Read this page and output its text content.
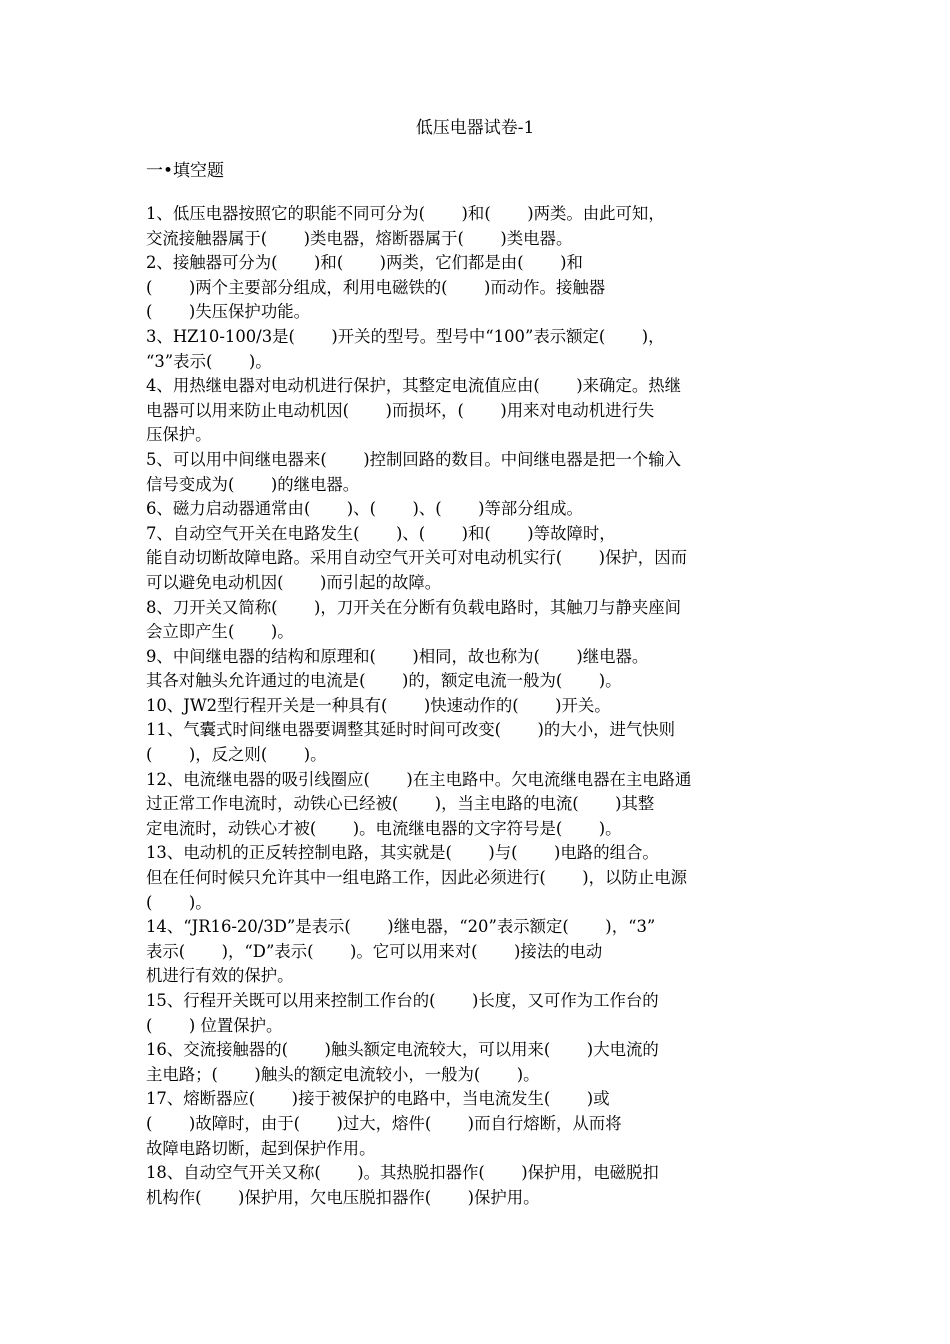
低压电器试卷-1
一•填空题
1、低压电器按照它的职能不同可分为(       )和(       )两类。由此可知，
交流接触器属于(       )类电器，熔断器属于(       )类电器。
2、接触器可分为(       )和(       )两类，它们都是由(       )和
(       )两个主要部分组成，利用电磁铁的(       )而动作。接触器
(       )失压保护功能。
3、HZ10-100/3是(       )开关的型号。型号中“100”表示额定(       )，
“3”表示(       )。
4、用热继电器对电动机进行保护，其整定电流值应由(       )来确定。热继
电器可以用来防止电动机因(       )而损坏，(       )用来对电动机进行失
压保护。
5、可以用中间继电器来(       )控制回路的数目。中间继电器是把一个输入
信号变成为(       )的继电器。
6、磁力启动器通常由(       )、(       )、(       )等部分组成。
7、自动空气开关在电路发生(       )、(       )和(       )等故障时，
能自动切断故障电路。采用自动空气开关可对电动机实行(       )保护，因而
可以避免电动机因(       )而引起的故障。
8、刀开关又简称(       )，刀开关在分断有负载电路时，其触刀与静夹座间
会立即产生(       )。
9、中间继电器的结构和原理和(       )相同，故也称为(       )继电器。
其各对触头允许通过的电流是(       )的，额定电流一般为(       )。
10、JW2型行程开关是一种具有(       )快速动作的(       )开关。
11、气囊式时间继电器要调整其延时时间可改变(       )的大小，进气快则
(       )，反之则(       )。
12、电流继电器的吸引线圈应(       )在主电路中。欠电流继电器在主电路通
过正常工作电流时，动铁心已经被(       )，当主电路的电流(       )其整
定电流时，动铁心才被(       )。电流继电器的文字符号是(       )。
13、电动机的正反转控制电路，其实就是(       )与(       )电路的组合。
但在任何时候只允许其中一组电路工作，因此必须进行(       )，以防止电源
(       )。
14、“JR16-20/3D”是表示(       )继电器，“20”表示额定(       )，“3”
表示(       )，“D”表示(       )。它可以用来对(       )接法的电动
机进行有效的保护。
15、行程开关既可以用来控制工作台的(       )长度，又可作为工作台的
(       ) 位置保护。
16、交流接触器的(       )触头额定电流较大，可以用来(       )大电流的
主电路；(       )触头的额定电流较小，一般为(       )。
17、熔断器应(       )接于被保护的电路中，当电流发生(       )或
(       )故障时，由于(       )过大，熔件(       )而自行熔断，从而将
故障电路切断，起到保护作用。
18、自动空气开关又称(       )。其热脱扣器作(       )保护用，电磁脱扣
机构作(       )保护用，欠电压脱扣器作(       )保护用。
